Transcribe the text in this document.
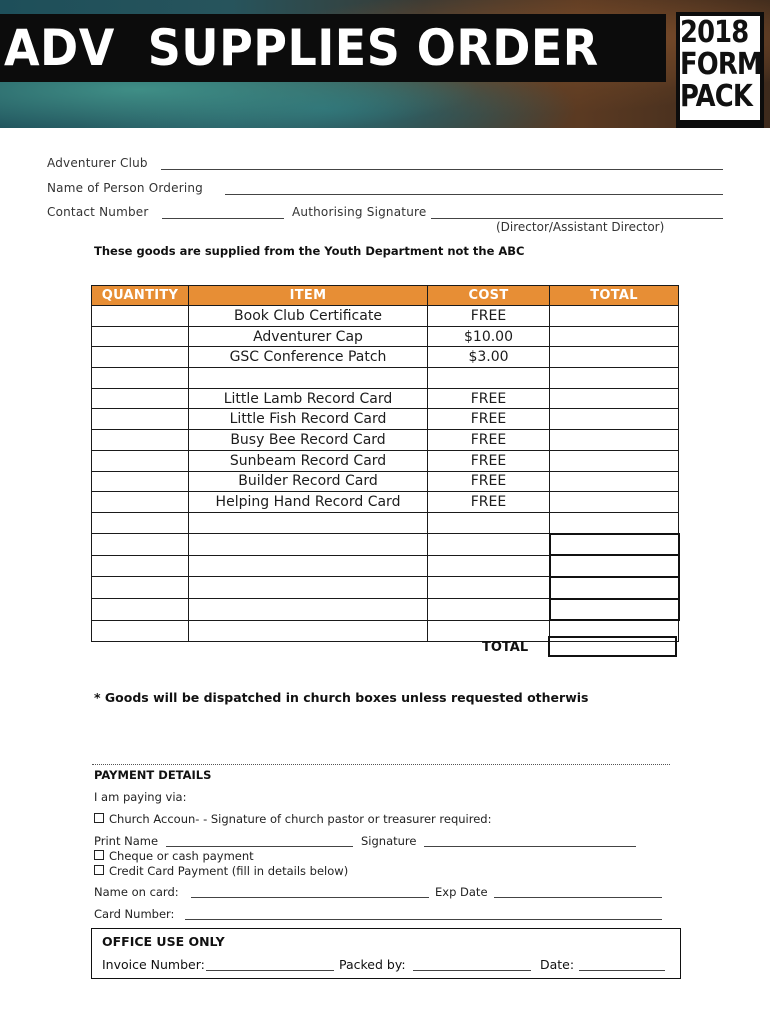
ADV  SUPPLIES ORDER	2018
FORM
PACK
Adventurer Club
Name of Person Ordering
Contact Number	Authorising Signature
(Director/Assistant Director)
These goods are supplied from the Youth Department not the ABC
QUANTITY	ITEM	COST	TOTAL
	Book Club Certificate	FREE	
	Adventurer Cap	$10.00	
	GSC Conference Patch	$3.00	

	Little Lamb Record Card	FREE	
	Little Fish Record Card	FREE	
	Busy Bee Record Card	FREE	
	Sunbeam Record Card	FREE	
	Builder Record Card	FREE	
	Helping Hand Record Card	FREE	

TOTAL
* Goods will be dispatched in church boxes unless requested otherwis
PAYMENT DETAILS
I am paying via:
Church Accoun- - Signature of church pastor or treasurer required:
Print Name	Signature
Cheque or cash payment
Credit Card Payment (fill in details below)
Name on card:	Exp Date
Card Number:
OFFICE USE ONLY
Invoice Number:	Packed by:	Date:
